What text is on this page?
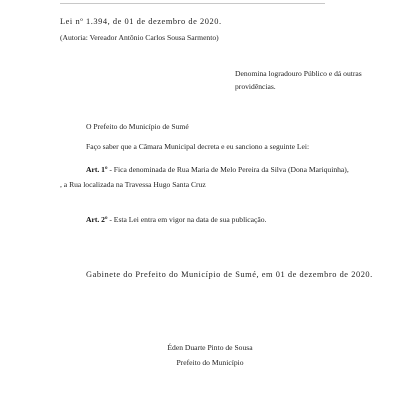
Lei nº 1.394, de 01 de dezembro de 2020.
(Autoria: Vereador Antônio Carlos Sousa Sarmento)
Denomina logradouro Público e dá outras providências.
O Prefeito do Município de Sumé
Faço saber que a Câmara Municipal decreta e eu sanciono a seguinte Lei:
Art. 1º - Fica denominada de Rua Maria de Melo Pereira da Silva (Dona Mariquinha),
, a Rua localizada na Travessa Hugo Santa Cruz
Art. 2º - Esta Lei entra em vigor na data de sua publicação.
Gabinete do Prefeito do Município de Sumé, em 01 de dezembro de 2020.
Éden Duarte Pinto de Sousa
Prefeito do Município
